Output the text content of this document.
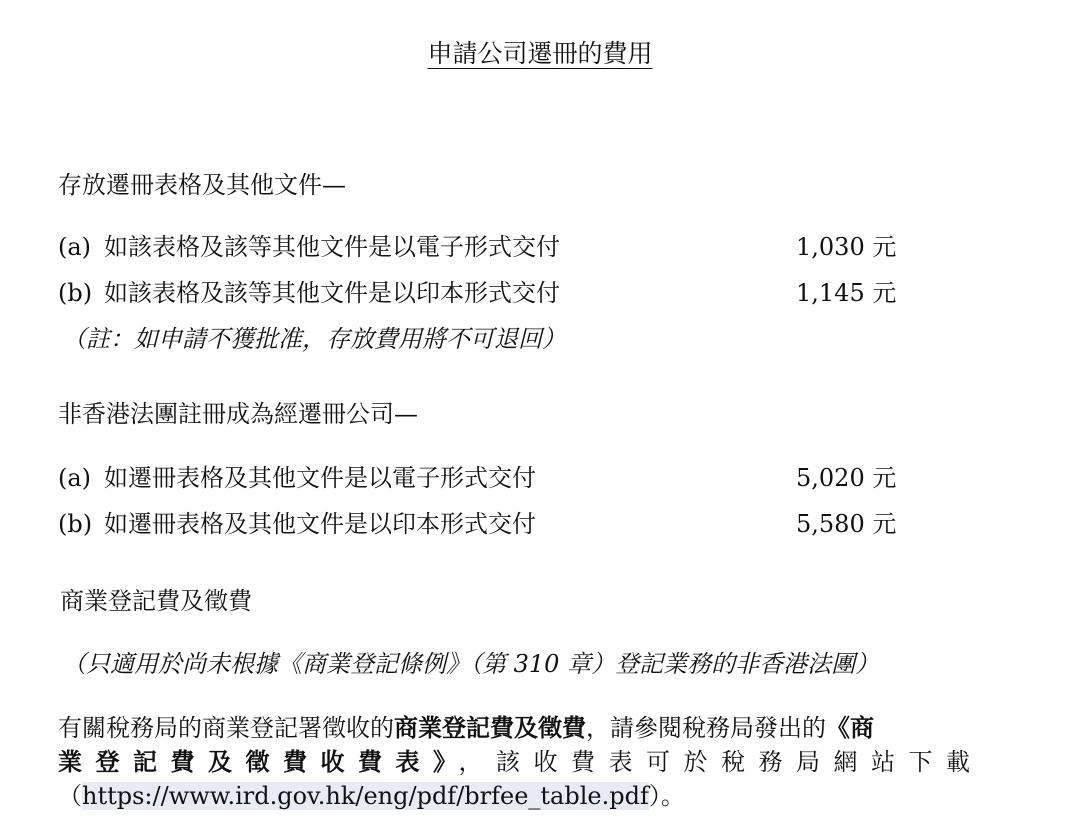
申請公司遷冊的費用
存放遷冊表格及其他文件—
(a) 如該表格及該等其他文件是以電子形式交付	1,030 元
(b) 如該表格及該等其他文件是以印本形式交付	1,145 元
（註：如申請不獲批准，存放費用將不可退回）
非香港法團註冊成為經遷冊公司—
(a) 如遷冊表格及其他文件是以電子形式交付	5,020 元
(b) 如遷冊表格及其他文件是以印本形式交付	5,580 元
商業登記費及徵費
（只適用於尚未根據《商業登記條例》（第 310 章）登記業務的非香港法團）
有關稅務局的商業登記署徵收的商業登記費及徵費，請參閱稅務局發出的《商
業登記費及徵費收費表》，該收費表可於稅務局網站下載
（https://www.ird.gov.hk/eng/pdf/brfee_table.pdf）。
